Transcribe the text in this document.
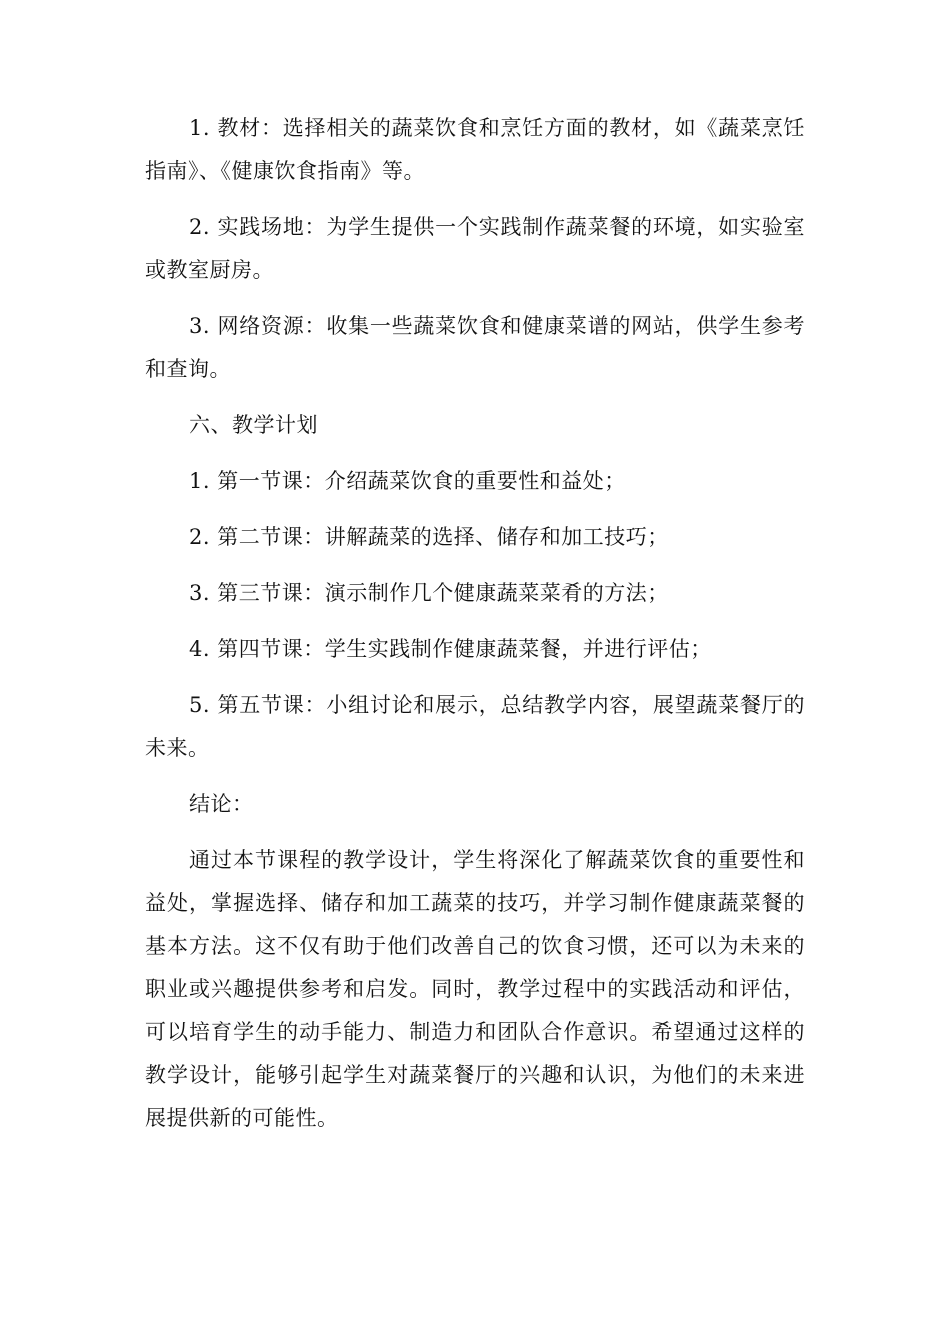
1. 教材：选择相关的蔬菜饮食和烹饪方面的教材，如《蔬菜烹饪指南》、《健康饮食指南》等。

2. 实践场地：为学生提供一个实践制作蔬菜餐的环境，如实验室或教室厨房。

3. 网络资源：收集一些蔬菜饮食和健康菜谱的网站，供学生参考和查询。

六、教学计划

1. 第一节课：介绍蔬菜饮食的重要性和益处；

2. 第二节课：讲解蔬菜的选择、储存和加工技巧；

3. 第三节课：演示制作几个健康蔬菜菜肴的方法；

4. 第四节课：学生实践制作健康蔬菜餐，并进行评估；

5. 第五节课：小组讨论和展示，总结教学内容，展望蔬菜餐厅的未来。

结论：

通过本节课程的教学设计，学生将深化了解蔬菜饮食的重要性和益处，掌握选择、储存和加工蔬菜的技巧，并学习制作健康蔬菜餐的基本方法。这不仅有助于他们改善自己的饮食习惯，还可以为未来的职业或兴趣提供参考和启发。同时，教学过程中的实践活动和评估，可以培育学生的动手能力、制造力和团队合作意识。希望通过这样的教学设计，能够引起学生对蔬菜餐厅的兴趣和认识，为他们的未来进展提供新的可能性。
